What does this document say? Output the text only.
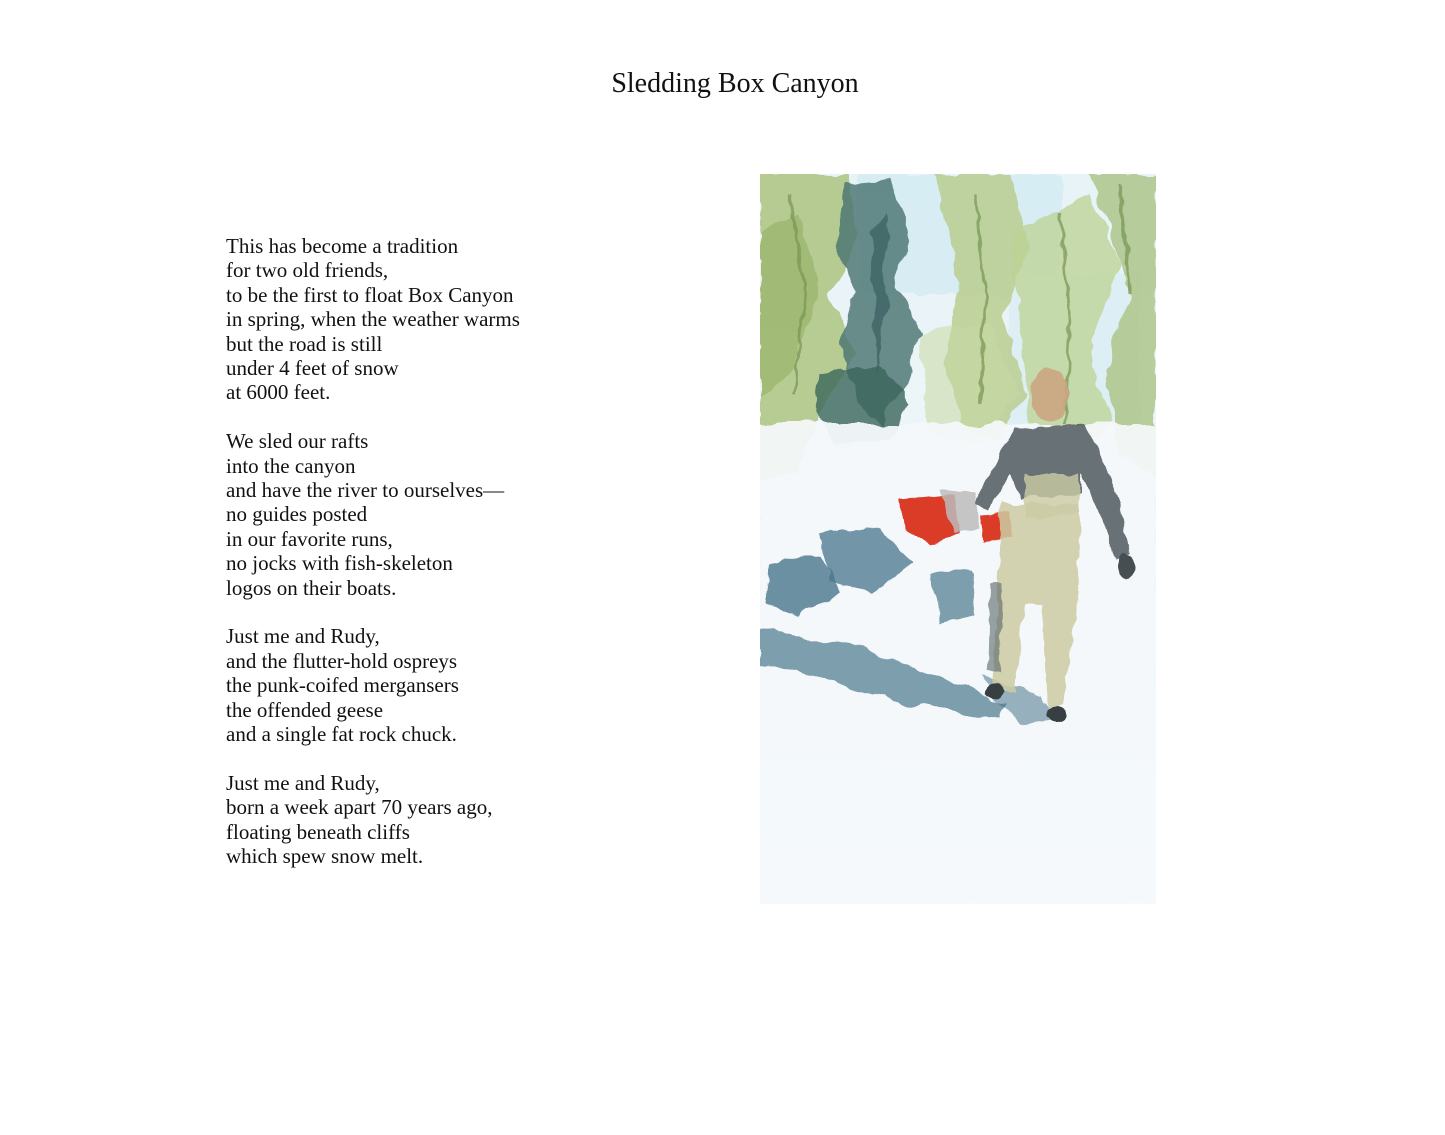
Sledding Box Canyon
This has become a tradition
for two old friends,
to be the first to float Box Canyon
in spring, when the weather warms
but the road is still
under 4 feet of snow
at 6000 feet.
We sled our rafts
into the canyon
and have the river to ourselves—
no guides posted
in our favorite runs,
no jocks with fish-skeleton
logos on their boats.
Just me and Rudy,
and the flutter-hold ospreys
the punk-coifed mergansers
the offended geese
and a single fat rock chuck.
Just me and Rudy,
born a week apart 70 years ago,
floating beneath cliffs
which spew snow melt.
